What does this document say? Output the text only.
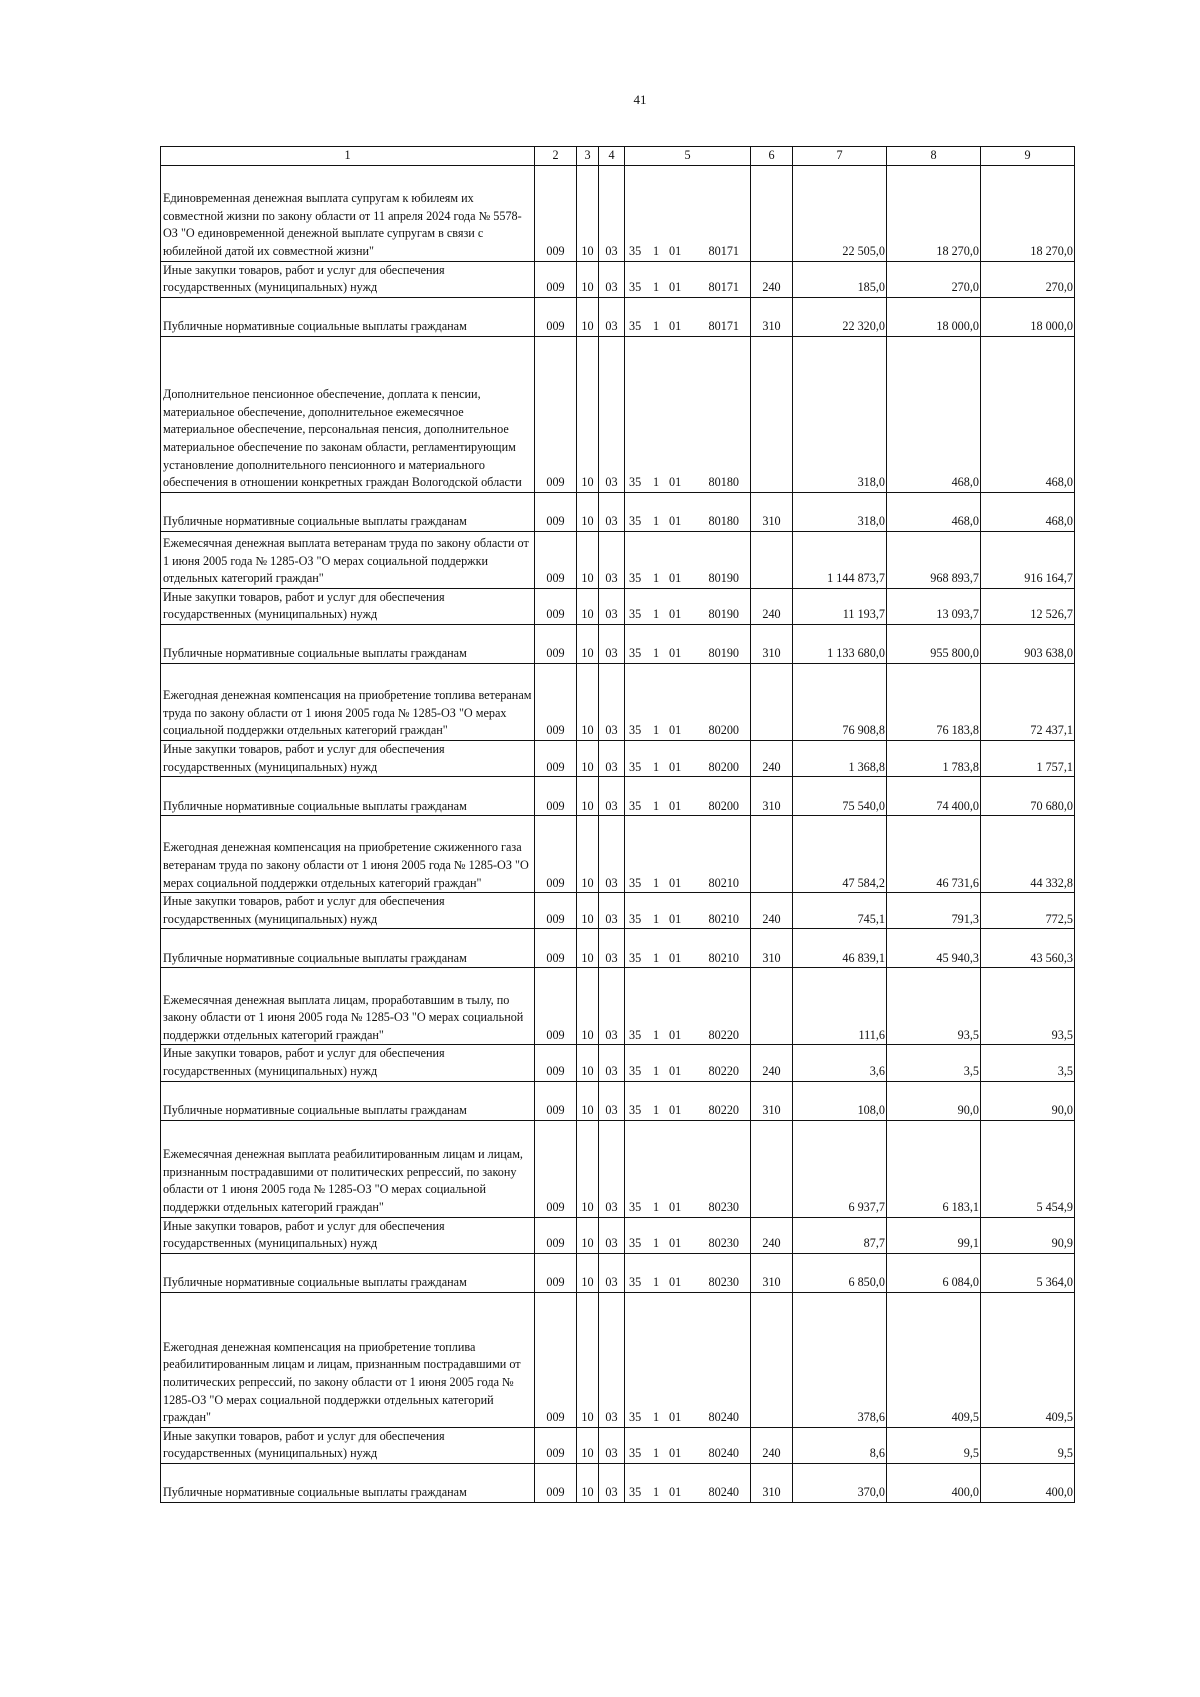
41
1	2	3	4	5	6	7	8	9
Единовременная денежная выплата супругам к юбилеям их совместной жизни по закону области от 11 апреля 2024 года № 5578-ОЗ "О единовременной денежной выплате супругам в связи с юбилейной датой их совместной жизни"	009	10	03	35 1 01 80171		22 505,0	18 270,0	18 270,0
Иные закупки товаров, работ и услуг для обеспечения государственных (муниципальных) нужд	009	10	03	35 1 01 80171	240	185,0	270,0	270,0
Публичные нормативные социальные выплаты гражданам	009	10	03	35 1 01 80171	310	22 320,0	18 000,0	18 000,0
Дополнительное пенсионное обеспечение, доплата к пенсии, материальное обеспечение, дополнительное ежемесячное материальное обеспечение, персональная пенсия, дополнительное материальное обеспечение по законам области, регламентирующим установление дополнительного пенсионного и материального обеспечения в отношении конкретных граждан Вологодской области	009	10	03	35 1 01 80180		318,0	468,0	468,0
Публичные нормативные социальные выплаты гражданам	009	10	03	35 1 01 80180	310	318,0	468,0	468,0
Ежемесячная денежная выплата ветеранам труда по закону области от 1 июня 2005 года № 1285-ОЗ "О мерах социальной поддержки отдельных категорий граждан"	009	10	03	35 1 01 80190		1 144 873,7	968 893,7	916 164,7
Иные закупки товаров, работ и услуг для обеспечения государственных (муниципальных) нужд	009	10	03	35 1 01 80190	240	11 193,7	13 093,7	12 526,7
Публичные нормативные социальные выплаты гражданам	009	10	03	35 1 01 80190	310	1 133 680,0	955 800,0	903 638,0
Ежегодная денежная компенсация на приобретение топлива ветеранам труда по закону области от 1 июня 2005 года № 1285-ОЗ "О мерах социальной поддержки отдельных категорий граждан"	009	10	03	35 1 01 80200		76 908,8	76 183,8	72 437,1
Иные закупки товаров, работ и услуг для обеспечения государственных (муниципальных) нужд	009	10	03	35 1 01 80200	240	1 368,8	1 783,8	1 757,1
Публичные нормативные социальные выплаты гражданам	009	10	03	35 1 01 80200	310	75 540,0	74 400,0	70 680,0
Ежегодная денежная компенсация на приобретение сжиженного газа ветеранам труда по закону области от 1 июня 2005 года № 1285-ОЗ "О мерах социальной поддержки отдельных категорий граждан"	009	10	03	35 1 01 80210		47 584,2	46 731,6	44 332,8
Иные закупки товаров, работ и услуг для обеспечения государственных (муниципальных) нужд	009	10	03	35 1 01 80210	240	745,1	791,3	772,5
Публичные нормативные социальные выплаты гражданам	009	10	03	35 1 01 80210	310	46 839,1	45 940,3	43 560,3
Ежемесячная денежная выплата лицам, проработавшим в тылу, по закону области от 1 июня 2005 года № 1285-ОЗ "О мерах социальной поддержки отдельных категорий граждан"	009	10	03	35 1 01 80220		111,6	93,5	93,5
Иные закупки товаров, работ и услуг для обеспечения государственных (муниципальных) нужд	009	10	03	35 1 01 80220	240	3,6	3,5	3,5
Публичные нормативные социальные выплаты гражданам	009	10	03	35 1 01 80220	310	108,0	90,0	90,0
Ежемесячная денежная выплата реабилитированным лицам и лицам, признанным пострадавшими от политических репрессий, по закону области от 1 июня 2005 года № 1285-ОЗ "О мерах социальной поддержки отдельных категорий граждан"	009	10	03	35 1 01 80230		6 937,7	6 183,1	5 454,9
Иные закупки товаров, работ и услуг для обеспечения государственных (муниципальных) нужд	009	10	03	35 1 01 80230	240	87,7	99,1	90,9
Публичные нормативные социальные выплаты гражданам	009	10	03	35 1 01 80230	310	6 850,0	6 084,0	5 364,0
Ежегодная денежная компенсация на приобретение топлива реабилитированным лицам и лицам, признанным пострадавшими от политических репрессий, по закону области от 1 июня 2005 года № 1285-ОЗ "О мерах социальной поддержки отдельных категорий граждан"	009	10	03	35 1 01 80240		378,6	409,5	409,5
Иные закупки товаров, работ и услуг для обеспечения государственных (муниципальных) нужд	009	10	03	35 1 01 80240	240	8,6	9,5	9,5
Публичные нормативные социальные выплаты гражданам	009	10	03	35 1 01 80240	310	370,0	400,0	400,0
